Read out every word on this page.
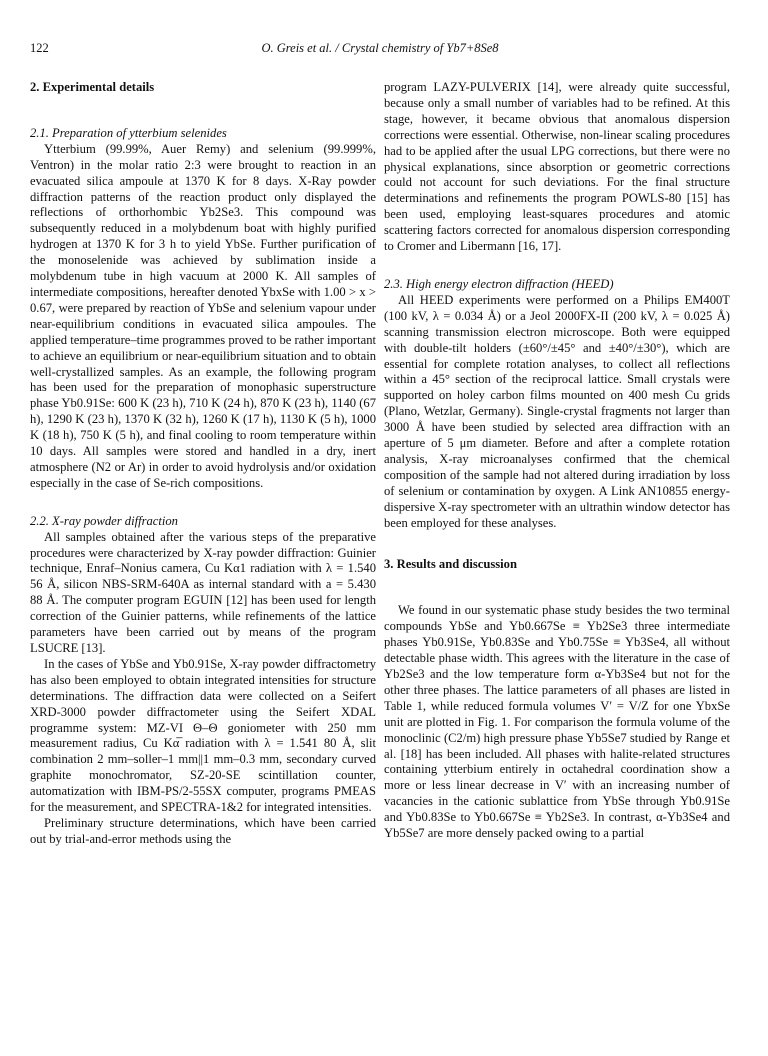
122	O. Greis et al. / Crystal chemistry of Yb7+8Se8
2. Experimental details

2.1. Preparation of ytterbium selenides

Ytterbium (99.99%, Auer Remy) and selenium (99.999%, Ventron) in the molar ratio 2:3 were brought to reaction in an evacuated silica ampoule at 1370 K for 8 days. X-Ray powder diffraction patterns of the reaction product only displayed the reflections of orthorhombic Yb2Se3. This compound was subsequently reduced in a molybdenum boat with highly purified hydrogen at 1370 K for 3 h to yield YbSe. Further purification of the monoselenide was achieved by sublimation inside a molybdenum tube in high vacuum at 2000 K. All samples of intermediate compositions, hereafter denoted YbxSe with 1.00 > x > 0.67, were prepared by reaction of YbSe and selenium vapour under near-equilibrium conditions in evacuated silica ampoules. The applied temperature–time programmes proved to be rather important to achieve an equilibrium or near-equilibrium situation and to obtain well-crystallized samples. As an example, the following program has been used for the preparation of monophasic superstructure phase Yb0.91Se: 600 K (23 h), 710 K (24 h), 870 K (23 h), 1140 (67 h), 1290 K (23 h), 1370 K (32 h), 1260 K (17 h), 1130 K (5 h), 1000 K (18 h), 750 K (5 h), and final cooling to room temperature within 10 days. All samples were stored and handled in a dry, inert atmosphere (N2 or Ar) in order to avoid hydrolysis and/or oxidation especially in the case of Se-rich compositions.

2.2. X-ray powder diffraction

All samples obtained after the various steps of the preparative procedures were characterized by X-ray powder diffraction: Guinier technique, Enraf–Nonius camera, Cu Kα1 radiation with λ = 1.540 56 Å, silicon NBS-SRM-640A as internal standard with a = 5.430 88 Å. The computer program EGUIN [12] has been used for length correction of the Guinier patterns, while refinements of the lattice parameters have been carried out by means of the program LSUCRE [13].

In the cases of YbSe and Yb0.91Se, X-ray powder diffractometry has also been employed to obtain integrated intensities for structure determinations. The diffraction data were collected on a Seifert XRD-3000 powder diffractometer using the Seifert XDAL programme system: MZ-VI Θ–Θ goniometer with 250 mm measurement radius, Cu Kα̅ radiation with λ = 1.541 80 Å, slit combination 2 mm–soller–1 mm||1 mm–0.3 mm, secondary curved graphite monochromator, SZ-20-SE scintillation counter, automatization with IBM-PS/2-55SX computer, programs PMEAS for the measurement, and SPECTRA-1&2 for integrated intensities.

Preliminary structure determinations, which have been carried out by trial-and-error methods using the

program LAZY-PULVERIX [14], were already quite successful, because only a small number of variables had to be refined. At this stage, however, it became obvious that anomalous dispersion corrections were essential. Otherwise, non-linear scaling procedures had to be applied after the usual LPG corrections, but there were no physical explanations, since absorption or geometric corrections could not account for such deviations. For the final structure determinations and refinements the program POWLS-80 [15] has been used, employing least-squares procedures and atomic scattering factors corrected for anomalous dispersion corresponding to Cromer and Libermann [16, 17].

2.3. High energy electron diffraction (HEED)

All HEED experiments were performed on a Philips EM400T (100 kV, λ = 0.034 Å) or a Jeol 2000FX-II (200 kV, λ = 0.025 Å) scanning transmission electron microscope. Both were equipped with double-tilt holders (±60°/±45° and ±40°/±30°), which are essential for complete rotation analyses, to collect all reflections within a 45° section of the reciprocal lattice. Small crystals were supported on holey carbon films mounted on 400 mesh Cu grids (Plano, Wetzlar, Germany). Single-crystal fragments not larger than 3000 Å have been studied by selected area diffraction with an aperture of 5 μm diameter. Before and after a complete rotation analysis, X-ray microanalyses confirmed that the chemical composition of the sample had not altered during irradiation by loss of selenium or contamination by oxygen. A Link AN10855 energy-dispersive X-ray spectrometer with an ultrathin window detector has been employed for these analyses.

3. Results and discussion

We found in our systematic phase study besides the two terminal compounds YbSe and Yb0.667Se ≡ Yb2Se3 three intermediate phases Yb0.91Se, Yb0.83Se and Yb0.75Se ≡ Yb3Se4, all without detectable phase width. This agrees with the literature in the case of Yb2Se3 and the low temperature form α-Yb3Se4 but not for the other three phases. The lattice parameters of all phases are listed in Table 1, while reduced formula volumes V′ = V/Z for one YbxSe unit are plotted in Fig. 1. For comparison the formula volume of the monoclinic (C2/m) high pressure phase Yb5Se7 studied by Range et al. [18] has been included. All phases with halite-related structures containing ytterbium entirely in octahedral coordination show a more or less linear decrease in V′ with an increasing number of vacancies in the cationic sublattice from YbSe through Yb0.91Se and Yb0.83Se to Yb0.667Se ≡ Yb2Se3. In contrast, α-Yb3Se4 and Yb5Se7 are more densely packed owing to a partial
